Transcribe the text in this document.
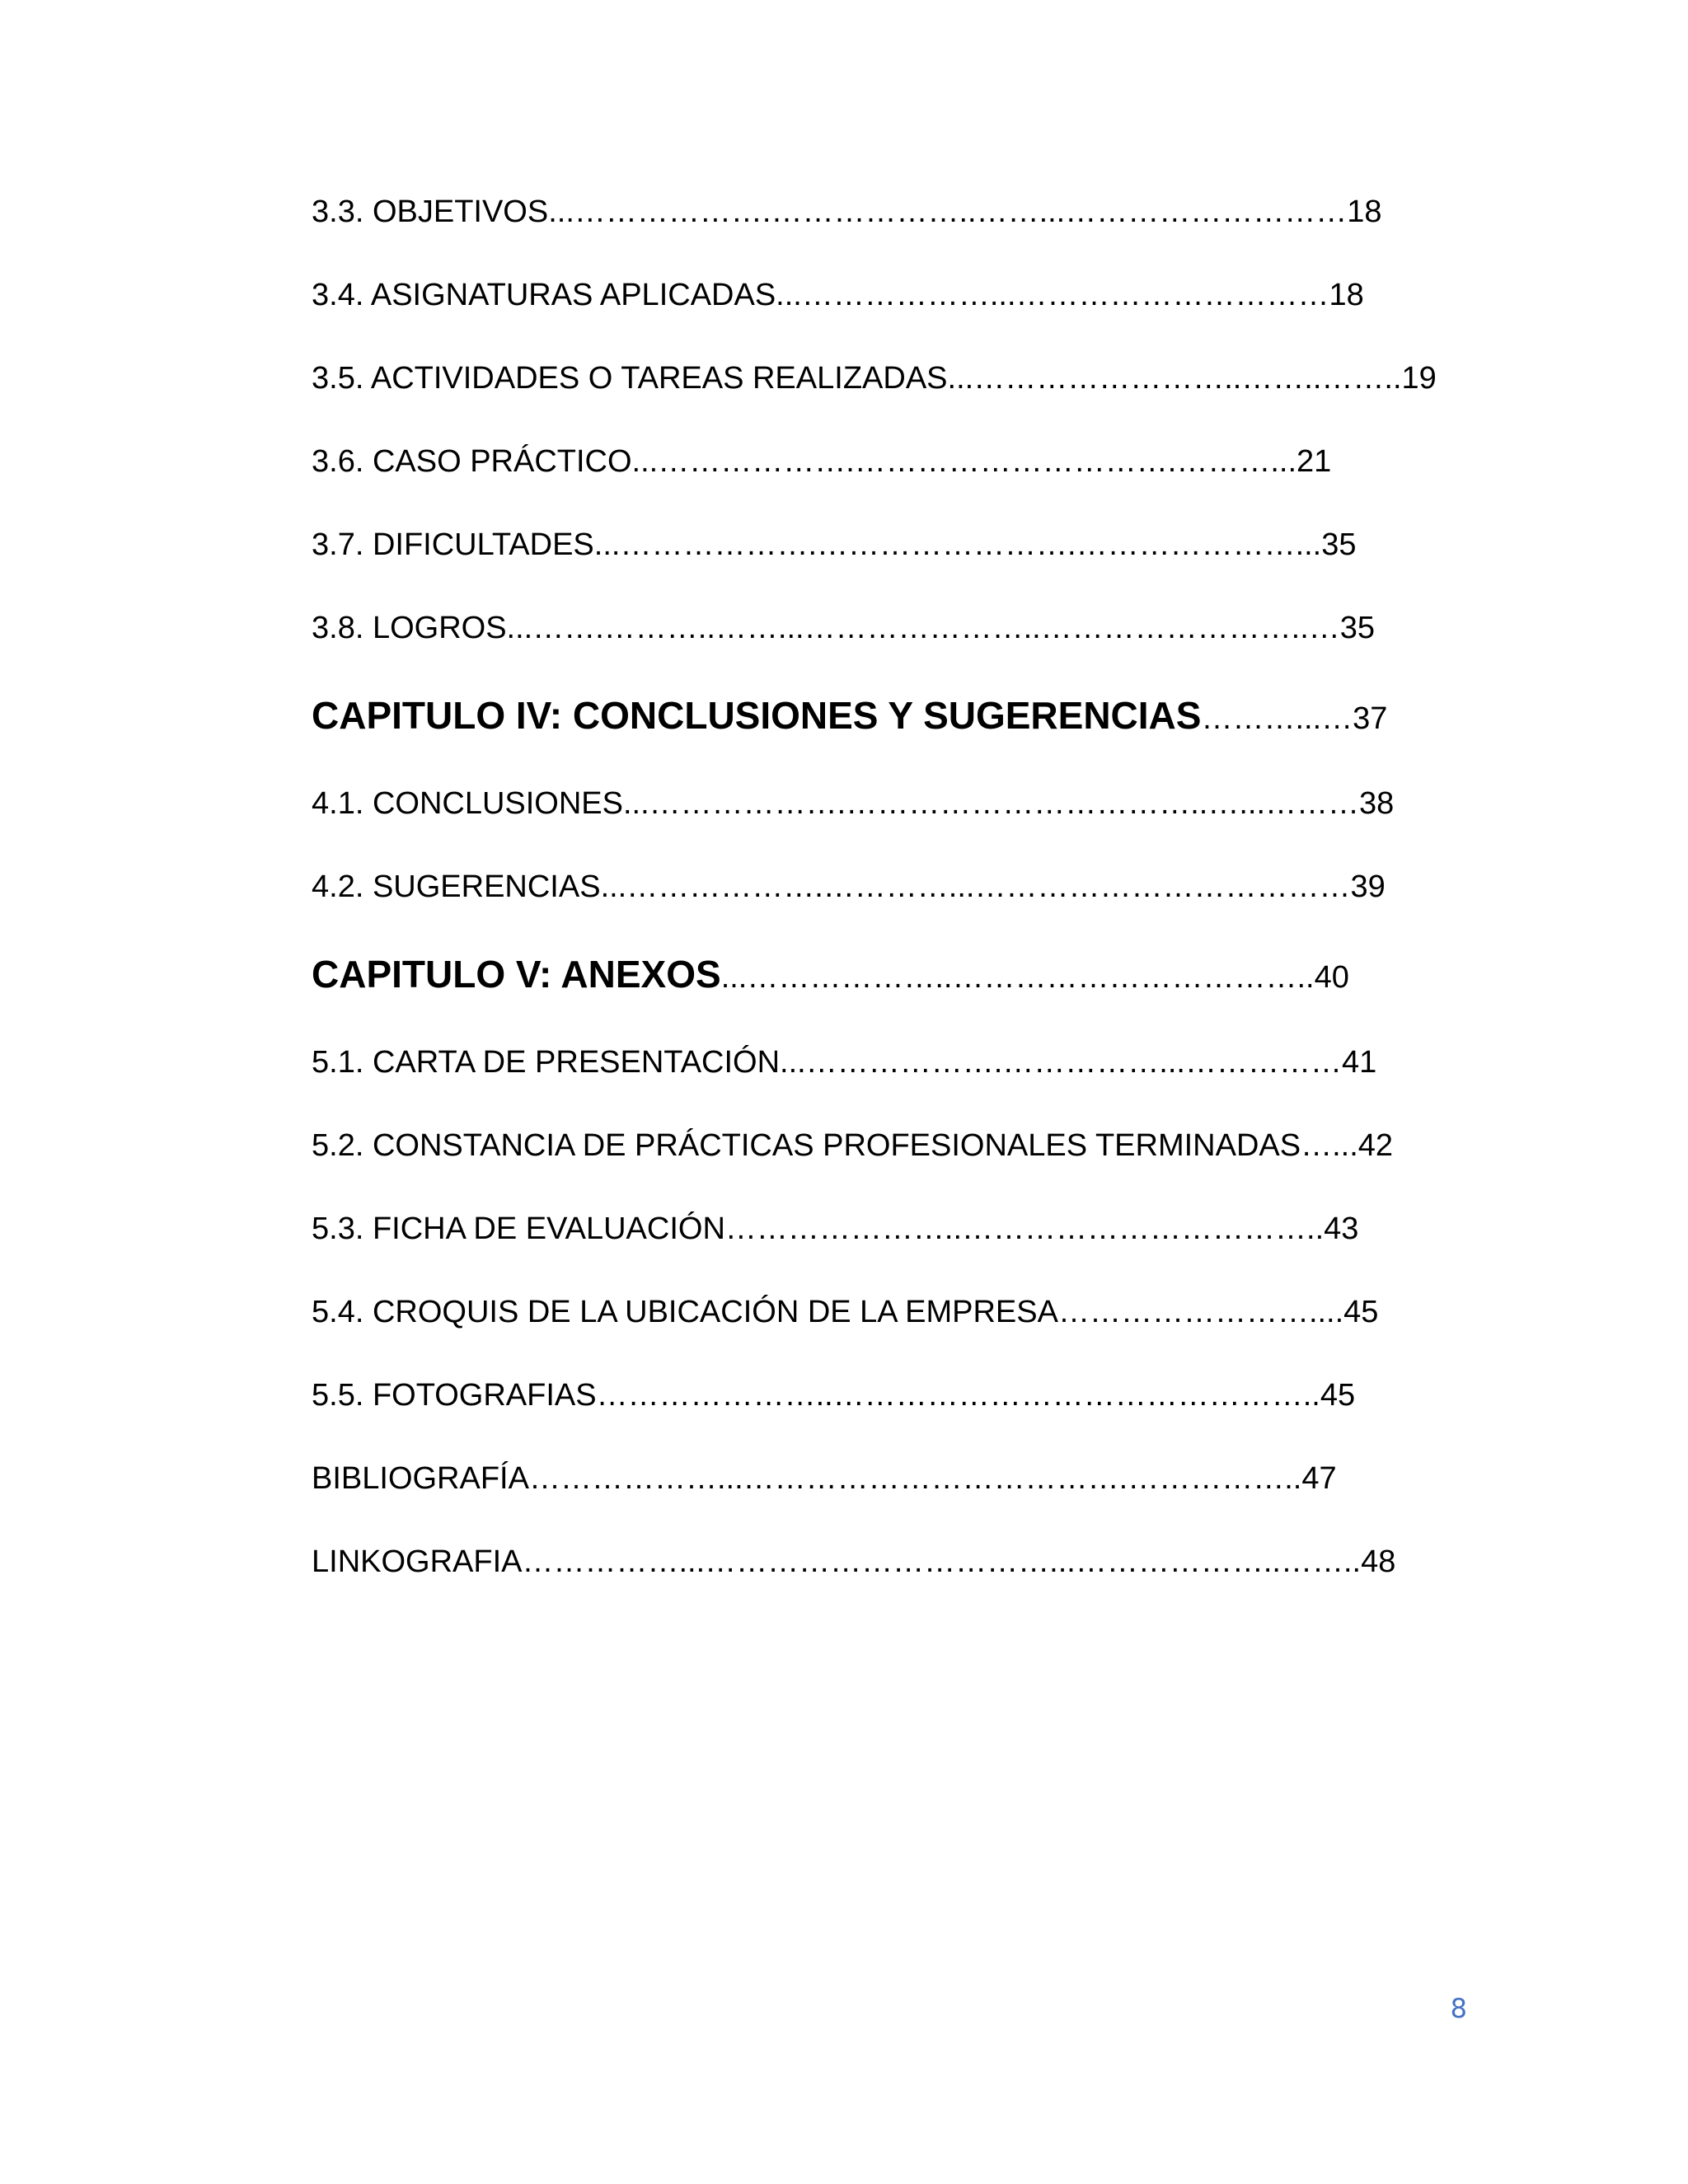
3.3. OBJETIVOS...……………….………………..……...………………………18
3.4. ASIGNATURAS APLICADAS...………………...…………………………18
3.5. ACTIVIDADES O TAREAS REALIZADAS...……………………..……..……..19
3.6. CASO PRÁCTICO...……………….………………………….………...21
3.7. DIFICULTADES...……………….…………………….…………………...35
3.8. LOGROS...…….………..……...…………………..……………………..…35
CAPITULO IV: CONCLUSIONES Y SUGERENCIAS………...…37
4.1. CONCLUSIONES...……………….……………………………..…...………38
4.2. SUGERENCIAS...……………….…………...………………………………39
CAPITULO V: ANEXOS...………………..……………………………..40
5.1. CARTA DE PRESENTACIÓN...……………….……………...……………41
5.2. CONSTANCIA DE PRÁCTICAS PROFESIONALES TERMINADAS…...42
5.3. FICHA DE EVALUACIÓN…………………..……………………………..43
5.4. CROQUIS DE LA UBICACIÓN DE LA EMPRESA……………………....45
5.5. FOTOGRAFIAS…………………..………………………………………..45
BIBLIOGRAFÍA………………...……………………………….……………..47
LINKOGRAFIA……………...……………………………...………………..……..48
8
